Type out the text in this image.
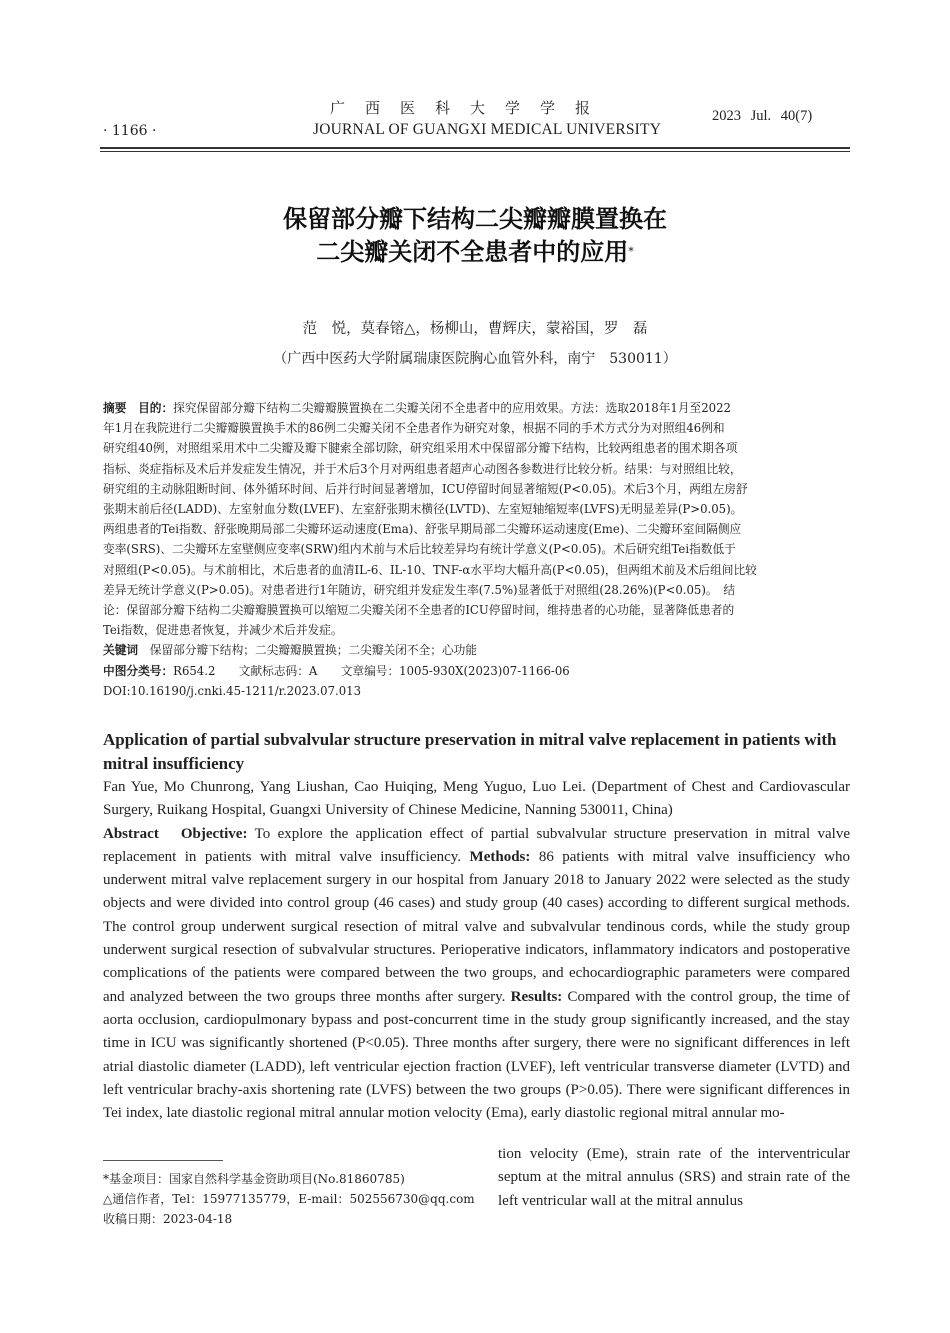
· 1166 ·
广西医科大学学报
JOURNAL OF GUANGXI MEDICAL UNIVERSITY
2023 Jul. 40(7)
保留部分瓣下结构二尖瓣瓣膜置换在
二尖瓣关闭不全患者中的应用*
范　悦，莫春镕△，杨柳山，曹辉庆，蒙裕国，罗　磊
（广西中医药大学附属瑞康医院胸心血管外科，南宁　530011）
摘要　目的：探究保留部分瓣下结构二尖瓣瓣膜置换在二尖瓣关闭不全患者中的应用效果。方法：选取2018年1月至2022
年1月在我院进行二尖瓣瓣膜置换手术的86例二尖瓣关闭不全患者作为研究对象，根据不同的手术方式分为对照组46例和
研究组40例，对照组采用术中二尖瓣及瓣下腱索全部切除，研究组采用术中保留部分瓣下结构，比较两组患者的围术期各项
指标、炎症指标及术后并发症发生情况，并于术后3个月对两组患者超声心动图各参数进行比较分析。结果：与对照组比较，
研究组的主动脉阻断时间、体外循环时间、后并行时间显著增加，ICU停留时间显著缩短(P<0.05)。术后3个月，两组左房舒
张期末前后径(LADD)、左室射血分数(LVEF)、左室舒张期末横径(LVTD)、左室短轴缩短率(LVFS)无明显差异(P>0.05)。
两组患者的Tei指数、舒张晚期局部二尖瓣环运动速度(Ema)、舒张早期局部二尖瓣环运动速度(Eme)、二尖瓣环室间隔侧应
变率(SRS)、二尖瓣环左室壁侧应变率(SRW)组内术前与术后比较差异均有统计学意义(P<0.05)。术后研究组Tei指数低于
对照组(P<0.05)。与术前相比，术后患者的血清IL-6、IL-10、TNF-α水平均大幅升高(P<0.05)，但两组术前及术后组间比较
差异无统计学意义(P>0.05)。对患者进行1年随访，研究组并发症发生率(7.5%)显著低于对照组(28.26%)(P<0.05)。　结
论：保留部分瓣下结构二尖瓣瓣膜置换可以缩短二尖瓣关闭不全患者的ICU停留时间，维持患者的心功能，显著降低患者的
Tei指数，促进患者恢复，并减少术后并发症。
关键词　保留部分瓣下结构；二尖瓣瓣膜置换；二尖瓣关闭不全；心功能
中图分类号：R654.2　　文献标志码：A　　文章编号：1005-930X(2023)07-1166-06
DOI:10.16190/j.cnki.45-1211/r.2023.07.013
Application of partial subvalvular structure preservation in mitral valve replacement in patients with mitral insufficiency
Fan Yue, Mo Chunrong, Yang Liushan, Cao Huiqing, Meng Yuguo, Luo Lei. (Department of Chest and Cardiovascular Surgery, Ruikang Hospital, Guangxi University of Chinese Medicine, Nanning 530011, China)
Abstract Objective: To explore the application effect of partial subvalvular structure preservation in mitral valve replacement in patients with mitral valve insufficiency. Methods: 86 patients with mitral valve insufficiency who underwent mitral valve replacement surgery in our hospital from January 2018 to January 2022 were selected as the study objects and were divided into control group (46 cases) and study group (40 cases) according to different surgical methods. The control group underwent surgical resection of mitral valve and subvalvular tendinous cords, while the study group underwent surgical resection of subvalvular structures. Perioperative indicators, inflammatory indicators and postoperative complications of the patients were compared between the two groups, and echocardiographic parameters were compared and analyzed between the two groups three months after surgery. Results: Compared with the control group, the time of aorta occlusion, cardiopulmonary bypass and post-concurrent time in the study group significantly increased, and the stay time in ICU was significantly shortened (P<0.05). Three months after surgery, there were no significant differences in left atrial diastolic diameter (LADD), left ventricular ejection fraction (LVEF), left ventricular transverse diameter (LVTD) and left ventricular brachy-axis shortening rate (LVFS) between the two groups (P>0.05). There were significant differences in Tei index, late diastolic regional mitral annular motion velocity (Ema), early diastolic regional mitral annular mo-
tion velocity (Eme), strain rate of the interventricular septum at the mitral annulus (SRS) and strain rate of the left ventricular wall at the mitral annulus
*基金项目：国家自然科学基金资助项目(No.81860785)
△通信作者，Tel：15977135779，E-mail：502556730@qq.com
收稿日期：2023-04-18
